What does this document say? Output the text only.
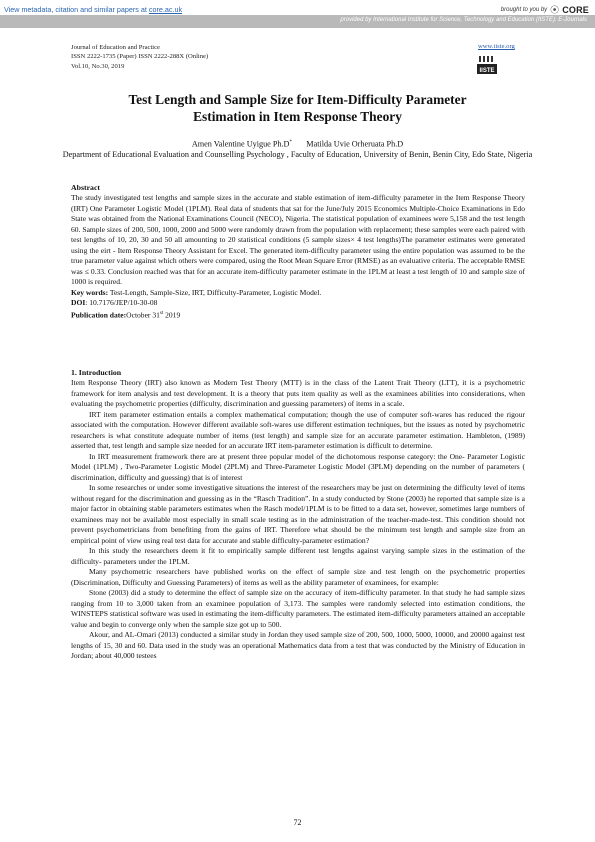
View metadata, citation and similar papers at core.ac.uk	brought to you by ⦿ CORE
provided by International Institute for Science, Technology and Education (IISTE): E-Journals
Journal of Education and Practice
ISSN 2222-1735 (Paper) ISSN 2222-288X (Online)
Vol.10, No.30, 2019
www.iiste.org
IISTE
Test Length and Sample Size for Item-Difficulty Parameter
Estimation in Item Response Theory
Amen Valentine Uyigue Ph.D* Matilda Uvie Orheruata Ph.D
Department of Educational Evaluation and Counselling Psychology , Faculty of Education, University of Benin, Benin City, Edo State, Nigeria
Abstract

The study investigated test lengths and sample sizes in the accurate and stable estimation of item-difficulty parameter in the Item Response Theory (IRT) One Parameter Logistic Model (1PLM). Real data of students that sat for the June/July 2015 Economics Multiple-Choice Examinations in Edo State was obtained from the National Examinations Council (NECO), Nigeria. The statistical population of examinees were 5,158 and the test length 60. Sample sizes of 200, 500, 1000, 2000 and 5000 were randomly drawn from the population with replacement; these samples were each paired with test lengths of 10, 20, 30 and 50 all amounting to 20 statistical conditions (5 sample sizes× 4 test lengths)The parameter estimates were generated using the eirt - Item Response Theory Assistant for Excel. The generated item-difficulty parameter using the entire population was assumed to be the true parameter value against which others were compared, using the Root Mean Square Error (RMSE) as an evaluative criteria. The acceptable RMSE was ≤ 0.33. Conclusion reached was that for an accurate item-difficulty parameter estimate in the 1PLM at least a test length of 10 and sample size of 1000 is required.

Key words: Test-Length, Sample-Size, IRT, Difficulty-Parameter, Logistic Model.
DOI: 10.7176/JEP/10-30-08
Publication date:October 31st 2019
1. Introduction

Item Response Theory (IRT) also known as Modern Test Theory (MTT) is in the class of the Latent Trait Theory (LTT), it is a psychometric framework for item analysis and test development. It is a theory that puts item quality as well as the examinees abilities into considerations, when evaluating the psychometric properties (difficulty, discrimination and guessing parameters) of items in a scale.

IRT item parameter estimation entails a complex mathematical computation; though the use of computer soft-wares has reduced the rigour associated with the computation. However different available soft-wares use different estimation techniques, but the issues as noted by psychometric researchers is what constitute adequate number of items (test length) and sample size for an accurate parameter estimation. Hambleton, (1989) asserted that, test length and sample size needed for an accurate IRT item-parameter estimation is difficult to determine.

In IRT measurement framework there are at present three popular model of the dichotomous response category: the One- Parameter Logistic Model (1PLM) , Two-Parameter Logistic Model (2PLM) and Three-Parameter Logistic Model (3PLM) depending on the number of parameters ( discrimination, difficulty and guessing) that is of interest

In some researches or under some investigative situations the interest of the researchers may be just on determining the difficulty level of items without regard for the discrimination and guessing as in the “Rasch Tradition”. In a study conducted by Stone (2003) he reported that sample size is a major factor in obtaining stable parameters estimates when the Rasch model/1PLM is to be fitted to a data set, however, sometimes large numbers of examinees may not be available most especially in small scale testing as in the administration of the teacher-made-test. This condition should not prevent psychometricians from benefiting from the gains of IRT. Therefore what should be the minimum test length and sample size from an empirical point of view using real test data for accurate and stable difficulty-parameter estimation?

In this study the researchers deem it fit to empirically sample different test lengths against varying sample sizes in the estimation of the difficulty- parameters under the 1PLM.

Many psychometric researchers have published works on the effect of sample size and test length on the psychometric properties (Discrimination, Difficulty and Guessing Parameters) of items as well as the ability parameter of examinees, for example:

Stone (2003) did a study to determine the effect of sample size on the accuracy of item-difficulty parameter. In that study he had sample sizes ranging from 10 to 3,000 taken from an examinee population of 3,173. The samples were randomly selected into estimation conditions, the WINSTEPS statistical software was used in estimating the item-difficulty parameters. The estimated item-difficulty parameters attained an acceptable value and begin to converge only when the sample size got up to 500.

Akour, and AL-Omari (2013) conducted a similar study in Jordan they used sample size of 200, 500, 1000, 5000, 10000, and 20000 against test lengths of 15, 30 and 60. Data used in the study was an operational Mathematics data from a test that was conducted by the Ministry of Education in Jordan; about 40,000 testees

72
